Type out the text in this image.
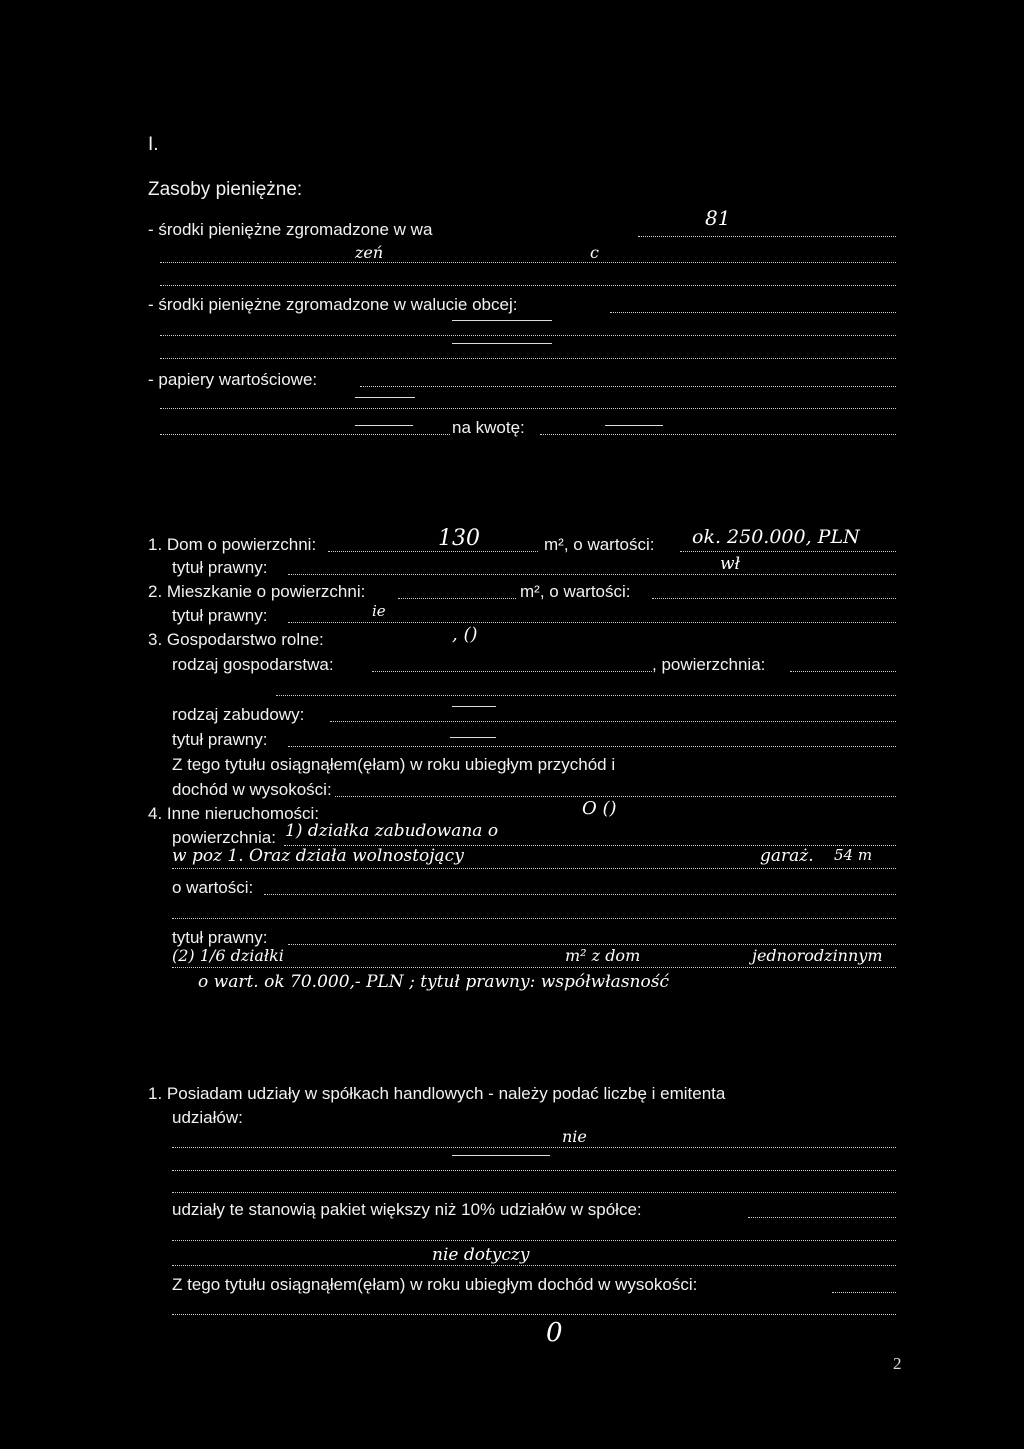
I.
Zasoby pieniężne:
- środki pieniężne zgromadzone w wa	81
zeń	c
- środki pieniężne zgromadzone w walucie obcej:
- papiery wartościowe:
na kwotę:
1. Dom o powierzchni:	130	m², o wartości: ok. 250.000, PLN
tytuł prawny:	wł
2. Mieszkanie o powierzchni:	m², o wartości:
tytuł prawny:	ie
3. Gospodarstwo rolne:	, ()
rodzaj gospodarstwa:	, powierzchnia:
rodzaj zabudowy:
tytuł prawny:
Z tego tytułu osiągnąłem(ęłam) w roku ubiegłym przychód i
dochód w wysokości:
4. Inne nieruchomości:	O ()
powierzchnia: 1) działka zabudowana o
w poz 1. Oraz działa wolnostojący	garaż. 54 m
o wartości:
tytuł prawny:
(2) 1/6 działki	m² z dom	jednorodzinnym
o wart. ok 70.000,- PLN ; tytuł prawny: współwłasność
1. Posiadam udziały w spółkach handlowych - należy podać liczbę i emitenta
udziałów:
nie
udziały te stanowią pakiet większy niż 10% udziałów w spółce:
nie dotyczy
Z tego tytułu osiągnąłem(ęłam) w roku ubiegłym dochód w wysokości:
0
2
